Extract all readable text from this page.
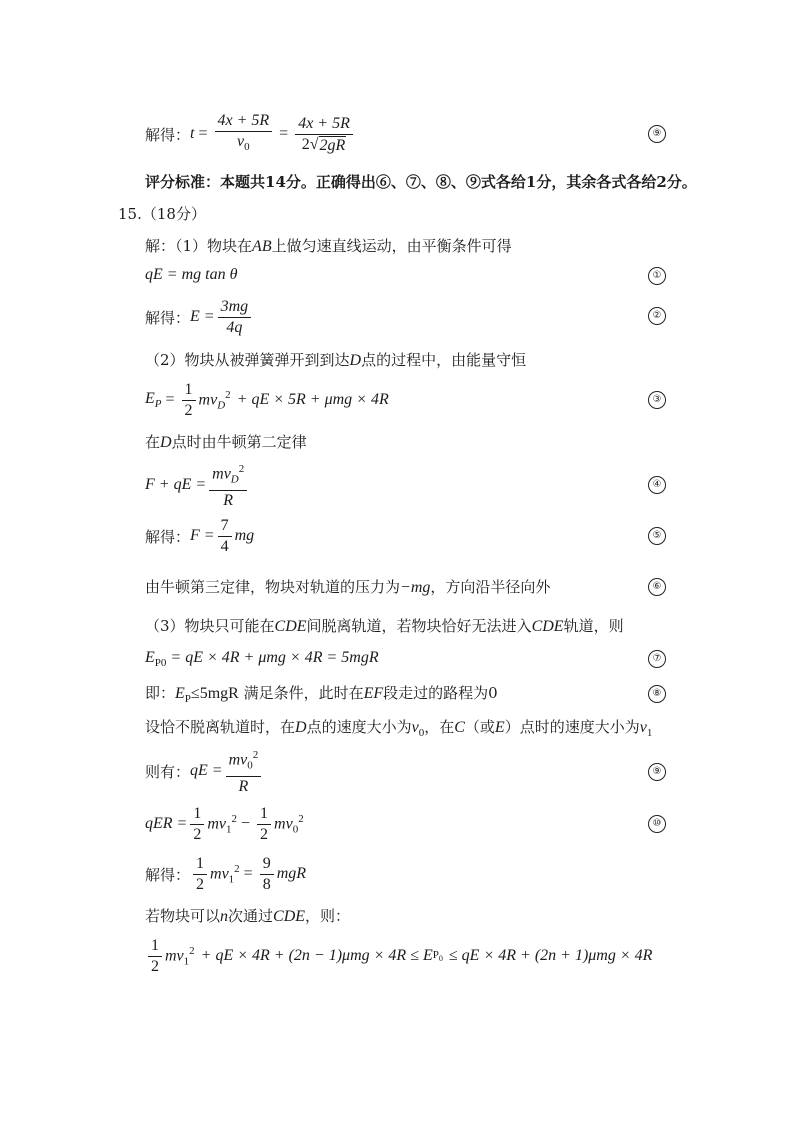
解得： $t = \frac{4x + 5R}{v_0} = \frac{4x + 5R}{2 √ 2gR}$	⑨
评分标准：本题共14分。正确得出⑥、⑦、⑧、⑨式各给1分，其余各式各给2分。
15.（18分）
解：（1）物块在AB上做匀速直线运动，由平衡条件可得
qE = mg tan θ	①
解得： $E = \frac{3mg}{4q}$	②
（2）物块从被弹簧弹开到到达D点的过程中，由能量守恒
$E_P = \frac{1}{2} mv_D^2$ + qE × 5R + μmg × 4R	③
在D点时由牛顿第二定律
F + qE = $\frac{mv_D^2}{R}$	④
解得： $F = \frac{7}{4}$ mg	⑤
由牛顿第三定律，物块对轨道的压力为−mg，方向沿半径向外	⑥
（3）物块只可能在CDE间脱离轨道，若物块恰好无法进入CDE轨道，则
$E_{P0}$ = qE × 4R + μmg × 4R = 5mgR	⑦
即：$E_P\le 5mgR$ 满足条件，此时在EF段走过的路程为0	⑧
设恰不脱离轨道时，在D点的速度大小为$v_0$，在C（或E）点时的速度大小为$v_1$
则有： qE = $\frac{mv_0^2}{R}$	⑨
qER = $\frac{1}{2} mv_1^2 - \frac{1}{2} mv_0^2$	⑩
解得： $\frac{1}{2} mv_1^2 = \frac{9}{8}$ mgR
若物块可以n次通过CDE，则：
$\frac{1}{2} mv_1^2$ + qE × 4R + (2n − 1)μmg × 4R ≤ E $P_0$ ≤ qE × 4R + (2n + 1)μmg × 4R
